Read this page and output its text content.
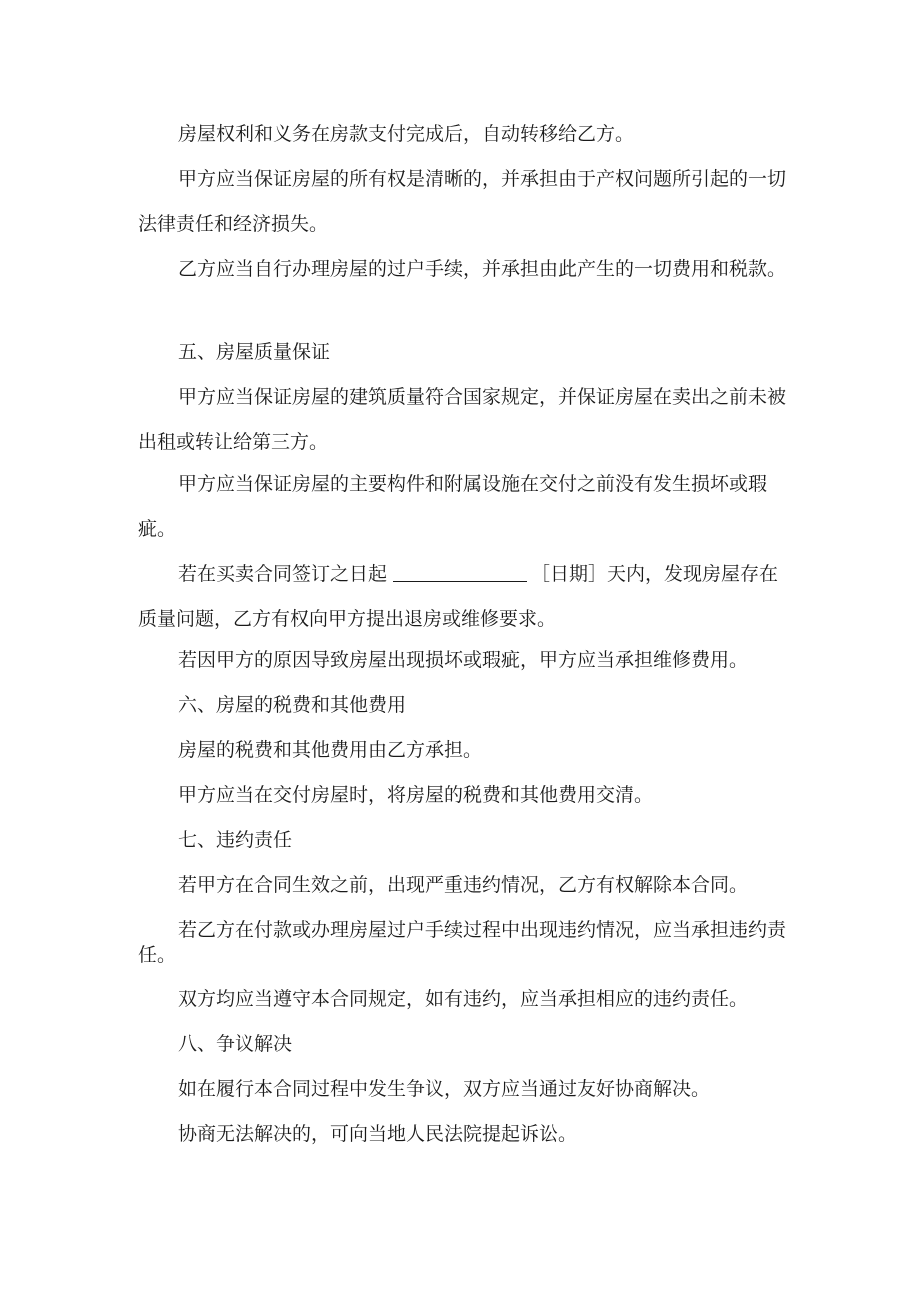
房屋权利和义务在房款支付完成后，自动转移给乙方。

甲方应当保证房屋的所有权是清晰的，并承担由于产权问题所引起的一切法律责任和经济损失。

乙方应当自行办理房屋的过户手续，并承担由此产生的一切费用和税款。

五、房屋质量保证

甲方应当保证房屋的建筑质量符合国家规定，并保证房屋在卖出之前未被出租或转让给第三方。

甲方应当保证房屋的主要构件和附属设施在交付之前没有发生损坏或瑕疵。

若在买卖合同签订之日起	［日期］天内，发现房屋存在质量问题，乙方有权向甲方提出退房或维修要求。

若因甲方的原因导致房屋出现损坏或瑕疵，甲方应当承担维修费用。

六、房屋的税费和其他费用

房屋的税费和其他费用由乙方承担。

甲方应当在交付房屋时，将房屋的税费和其他费用交清。

七、违约责任

若甲方在合同生效之前，出现严重违约情况，乙方有权解除本合同。

若乙方在付款或办理房屋过户手续过程中出现违约情况，应当承担违约责任。

双方均应当遵守本合同规定，如有违约，应当承担相应的违约责任。

八、争议解决

如在履行本合同过程中发生争议，双方应当通过友好协商解决。

协商无法解决的，可向当地人民法院提起诉讼。
